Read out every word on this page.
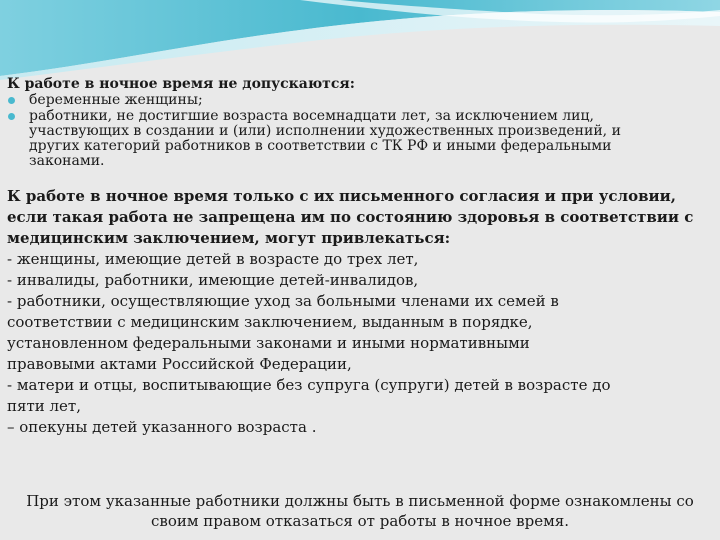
К работе в ночное время не допускаются:

беременные женщины;
работники, не достигшие возраста восемнадцати лет, за исключением лиц,
участвующих в создании и (или) исполнении художественных произведений, и
других категорий работников в соответствии с ТК РФ и иными федеральными
законами.

К работе в ночное время только с их письменного согласия и при условии,
если такая работа не запрещена им по состоянию здоровья в соответствии с
медицинским заключением, могут привлекаться:

- женщины, имеющие детей в возрасте до трех лет,
- инвалиды, работники, имеющие детей-инвалидов,
- работники, осуществляющие уход за больными членами их семей в
соответствии с медицинским заключением, выданным в порядке,
установленном федеральными законами и иными нормативными
правовыми актами Российской Федерации,
- матери и отцы, воспитывающие без супруга (супруги) детей в возрасте до
пяти лет,
– опекуны детей указанного возраста .

При этом указанные работники должны быть в письменной форме ознакомлены со
своим правом отказаться от работы в ночное время.
